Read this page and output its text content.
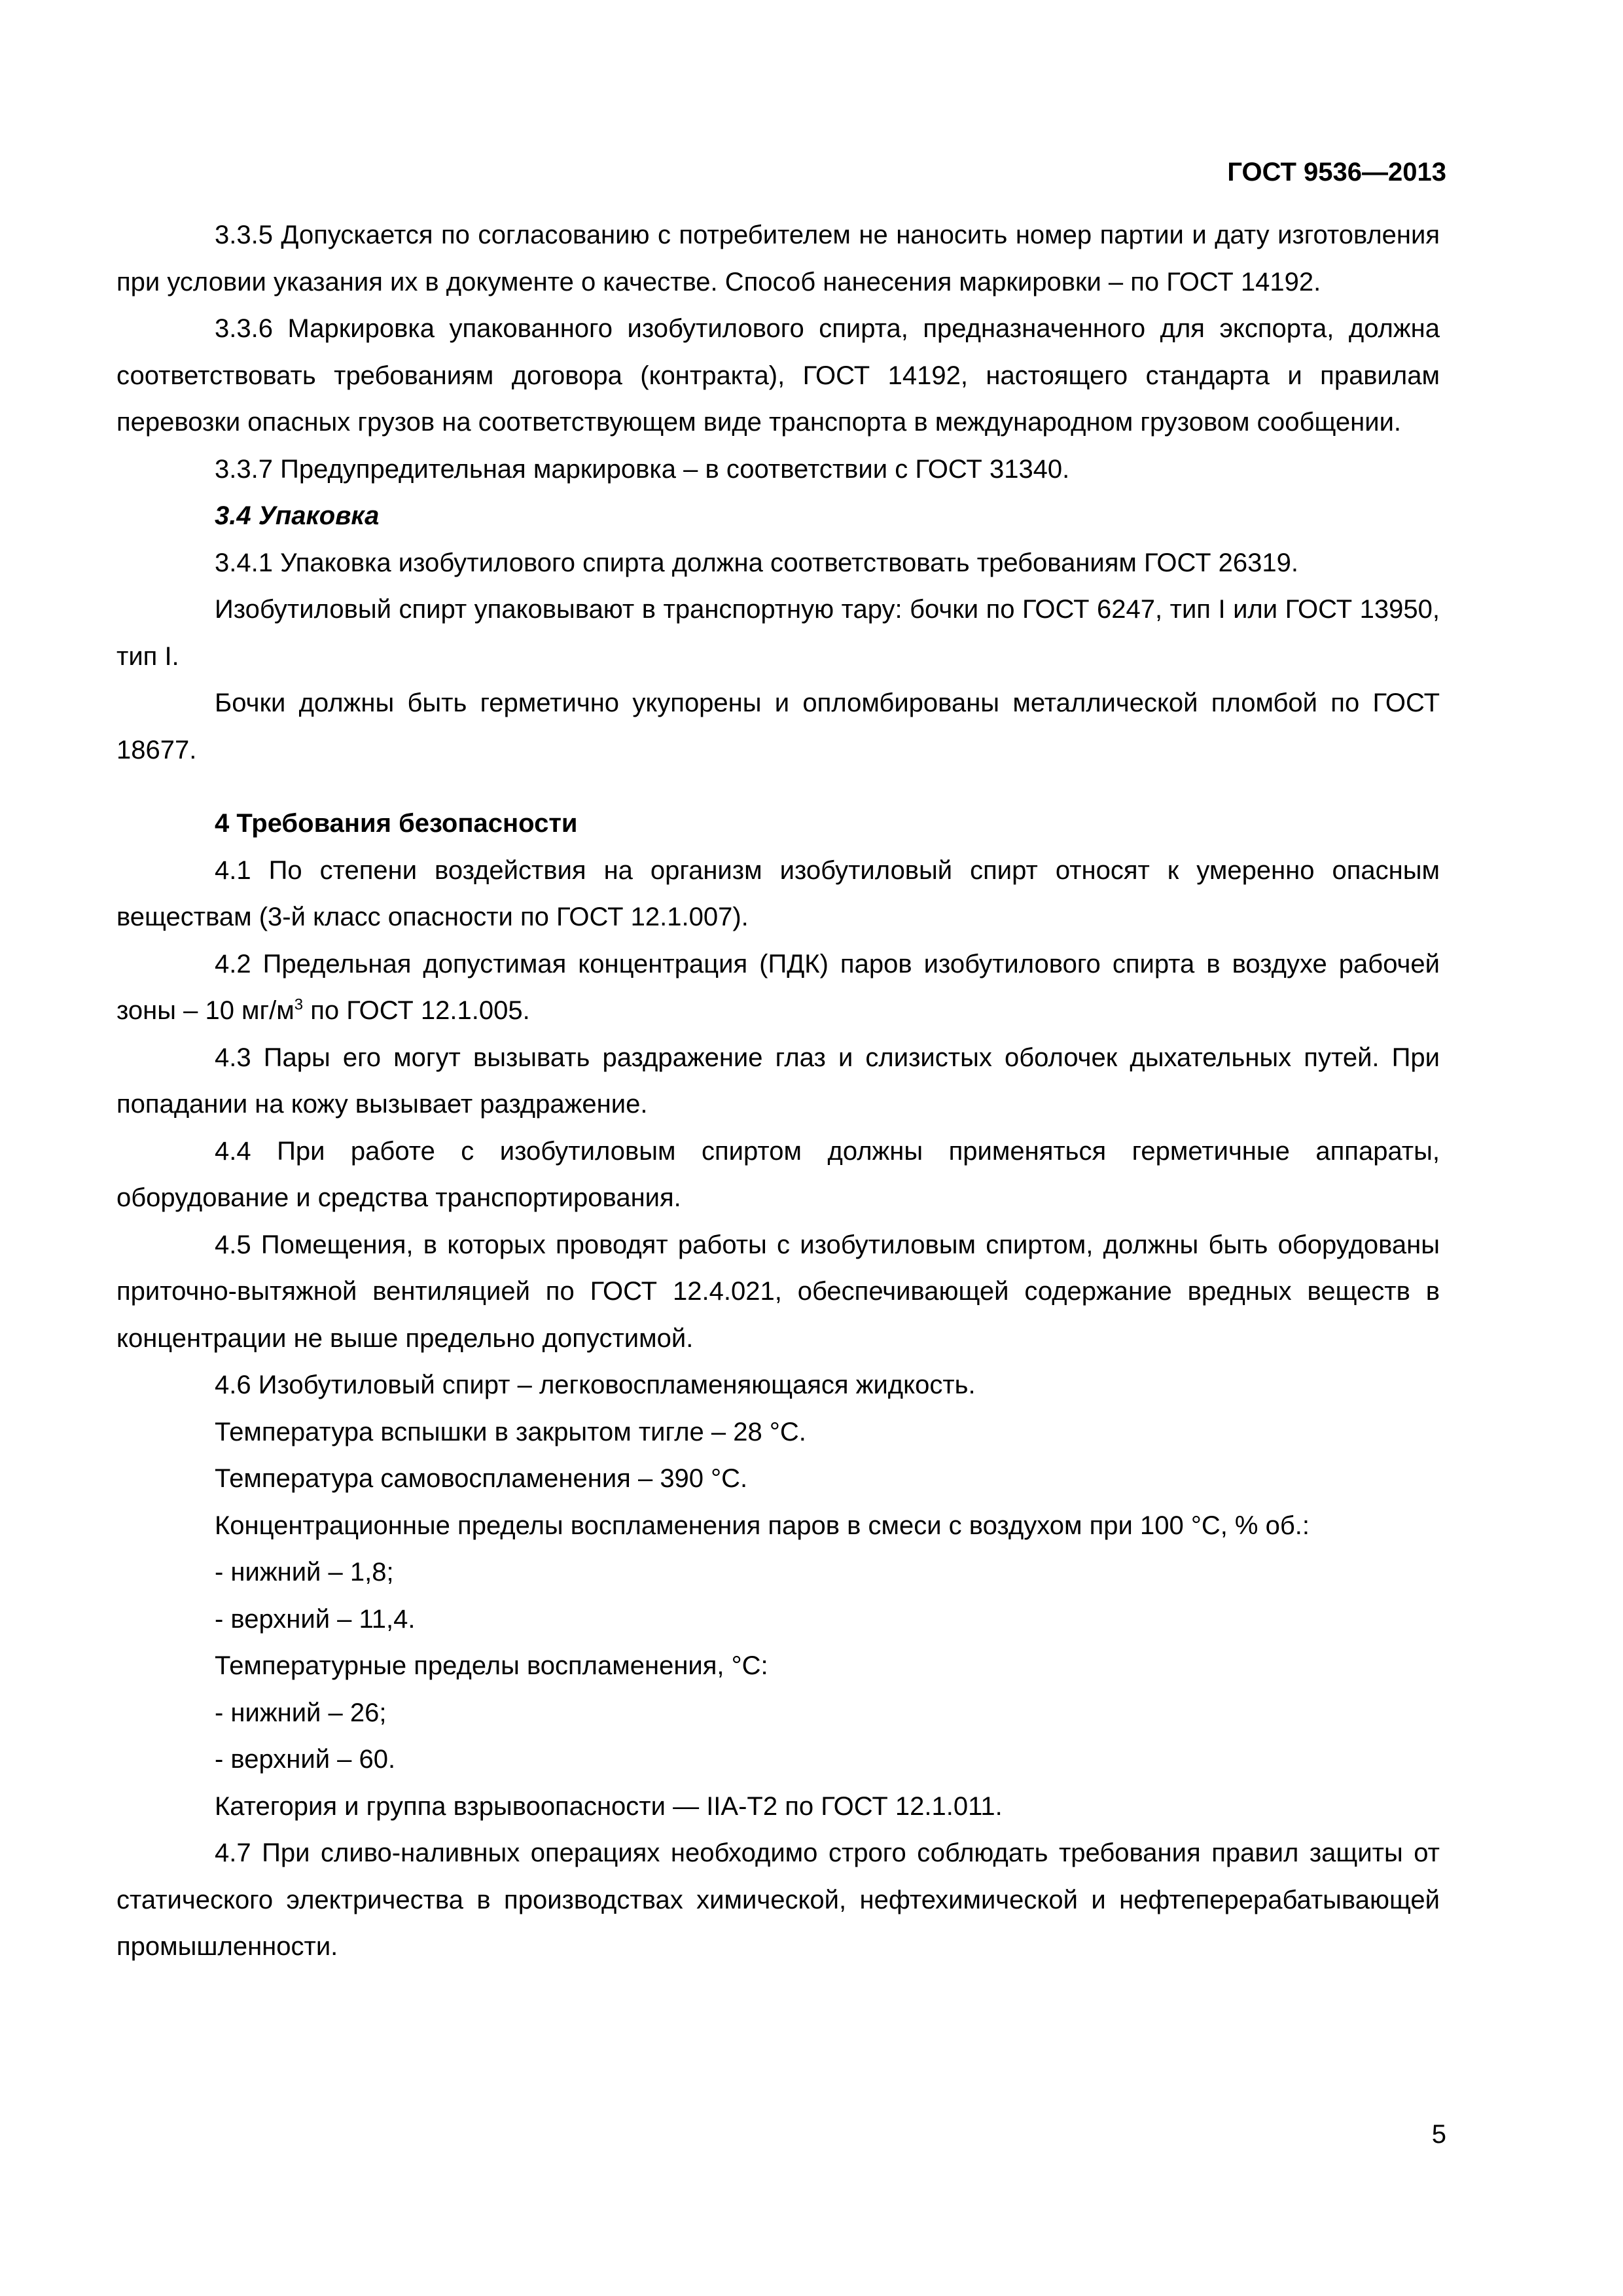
ГОСТ 9536—2013

3.3.5 Допускается по согласованию с потребителем не наносить номер партии и дату изготовления при условии указания их в документе о качестве. Способ нанесения маркировки – по ГОСТ 14192.

3.3.6 Маркировка упакованного изобутилового спирта, предназначенного для экспорта, должна соответствовать требованиям договора (контракта), ГОСТ 14192, настоящего стандарта и правилам перевозки опасных грузов на соответствующем виде транспорта в международном грузовом сообщении.

3.3.7 Предупредительная маркировка – в соответствии с ГОСТ 31340.

3.4 Упаковка

3.4.1 Упаковка изобутилового спирта должна соответствовать требованиям ГОСТ 26319.

Изобутиловый спирт упаковывают в транспортную тару: бочки по ГОСТ 6247, тип I или ГОСТ 13950, тип I.

Бочки должны быть герметично укупорены и опломбированы металлической пломбой по ГОСТ 18677.

4 Требования безопасности

4.1 По степени воздействия на организм изобутиловый спирт относят к умеренно опасным веществам (3-й класс опасности по ГОСТ 12.1.007).

4.2 Предельная допустимая концентрация (ПДК) паров изобутилового спирта в воздухе рабочей зоны – 10 $мг/м^3$ по ГОСТ 12.1.005.

4.3 Пары его могут вызывать раздражение глаз и слизистых оболочек дыхательных путей. При попадании на кожу вызывает раздражение.

4.4 При работе с изобутиловым спиртом должны применяться герметичные аппараты, оборудование и средства транспортирования.

4.5 Помещения, в которых проводят работы с изобутиловым спиртом, должны быть оборудованы приточно-вытяжной вентиляцией по ГОСТ 12.4.021, обеспечивающей содержание вредных веществ в концентрации не выше предельно допустимой.

4.6 Изобутиловый спирт – легковоспламеняющаяся жидкость.

Температура вспышки в закрытом тигле – 28 °С.

Температура самовоспламенения – 390 °С.

Концентрационные пределы воспламенения паров в смеси с воздухом при 100 °С, % об.:

- нижний – 1,8;

- верхний – 11,4.

Температурные пределы воспламенения, °С:

- нижний – 26;

- верхний – 60.

Категория и группа взрывоопасности — IIA-Т2 по ГОСТ 12.1.011.

4.7 При сливо-наливных операциях необходимо строго соблюдать требования правил защиты от статического электричества в производствах химической, нефтехимической и нефтеперерабатывающей промышленности.

5
